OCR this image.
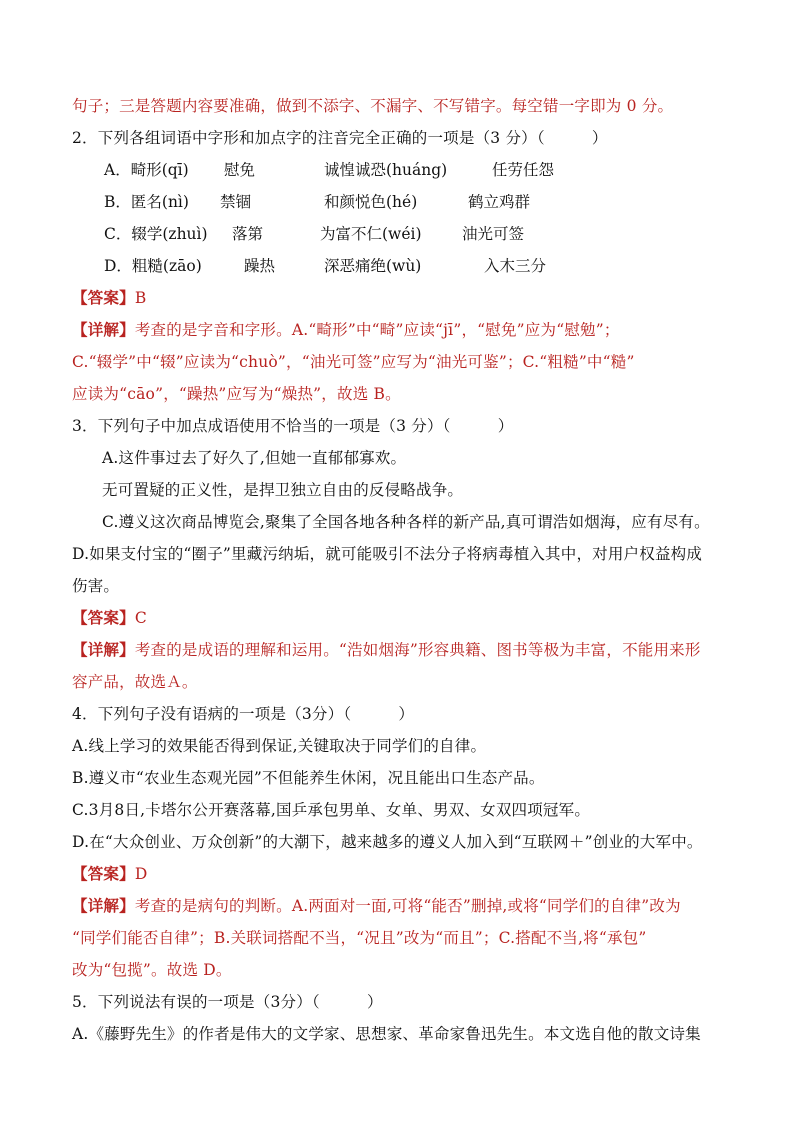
句子；三是答题内容要准确，做到不添字、不漏字、不写错字。每空错一字即为 0 分。
2．下列各组词语中字形和加点字的注音完全正确的一项是（3 分）（　　　）
A．畸形(qī) 慰免	诚惶诚恐(huáng)	任劳任怨
B．匿名(nì) 禁锢	和颜悦色(hé)	鹤立鸡群
C．辍学(zhuì) 落第	为富不仁(wéi)	油光可签
D．粗糙(zāo)	躁热	深恶痛绝(wù)	入木三分
【答案】B
【详解】考查的是字音和字形。A.“畸形”中“畸”应读“jī”，“慰免”应为“慰勉”；
C.“辍学”中“辍”应读为“chuò”，“油光可签”应写为“油光可鉴”；C.“粗糙”中“糙”
应读为“cāo”，“躁热”应写为“燥热”，故选 B。
3．下列句子中加点成语使用不恰当的一项是（3 分）（　　　）
A.这件事过去了好久了,但她一直郁郁寡欢。
无可置疑的正义性，是捍卫独立自由的反侵略战争。
C.遵义这次商品博览会,聚集了全国各地各种各样的新产品,真可谓浩如烟海，应有尽有。
D.如果支付宝的“圈子”里藏污纳垢，就可能吸引不法分子将病毒植入其中，对用户权益构成
伤害。
【答案】C
【详解】考查的是成语的理解和运用。“浩如烟海”形容典籍、图书等极为丰富，不能用来形
容产品，故选Ａ。
4．下列句子没有语病的一项是（3分）（　　　）
A.线上学习的效果能否得到保证,关键取决于同学们的自律。
B.遵义市“农业生态观光园”不但能养生休闲，况且能出口生态产品。
C.3月8日,卡塔尔公开赛落幕,国乒承包男单、女单、男双、女双四项冠军。
D.在“大众创业、万众创新”的大潮下，越来越多的遵义人加入到“互联网＋”创业的大军中。
【答案】D
【详解】考查的是病句的判断。A.两面对一面,可将“能否”删掉,或将“同学们的自律”改为
“同学们能否自律”；B.关联词搭配不当，“况且”改为“而且”；C.搭配不当,将“承包”
改为“包揽”。故选 D。
5．下列说法有误的一项是（3分）（　　　）
A.《藤野先生》的作者是伟大的文学家、思想家、革命家鲁迅先生。本文选自他的散文诗集
